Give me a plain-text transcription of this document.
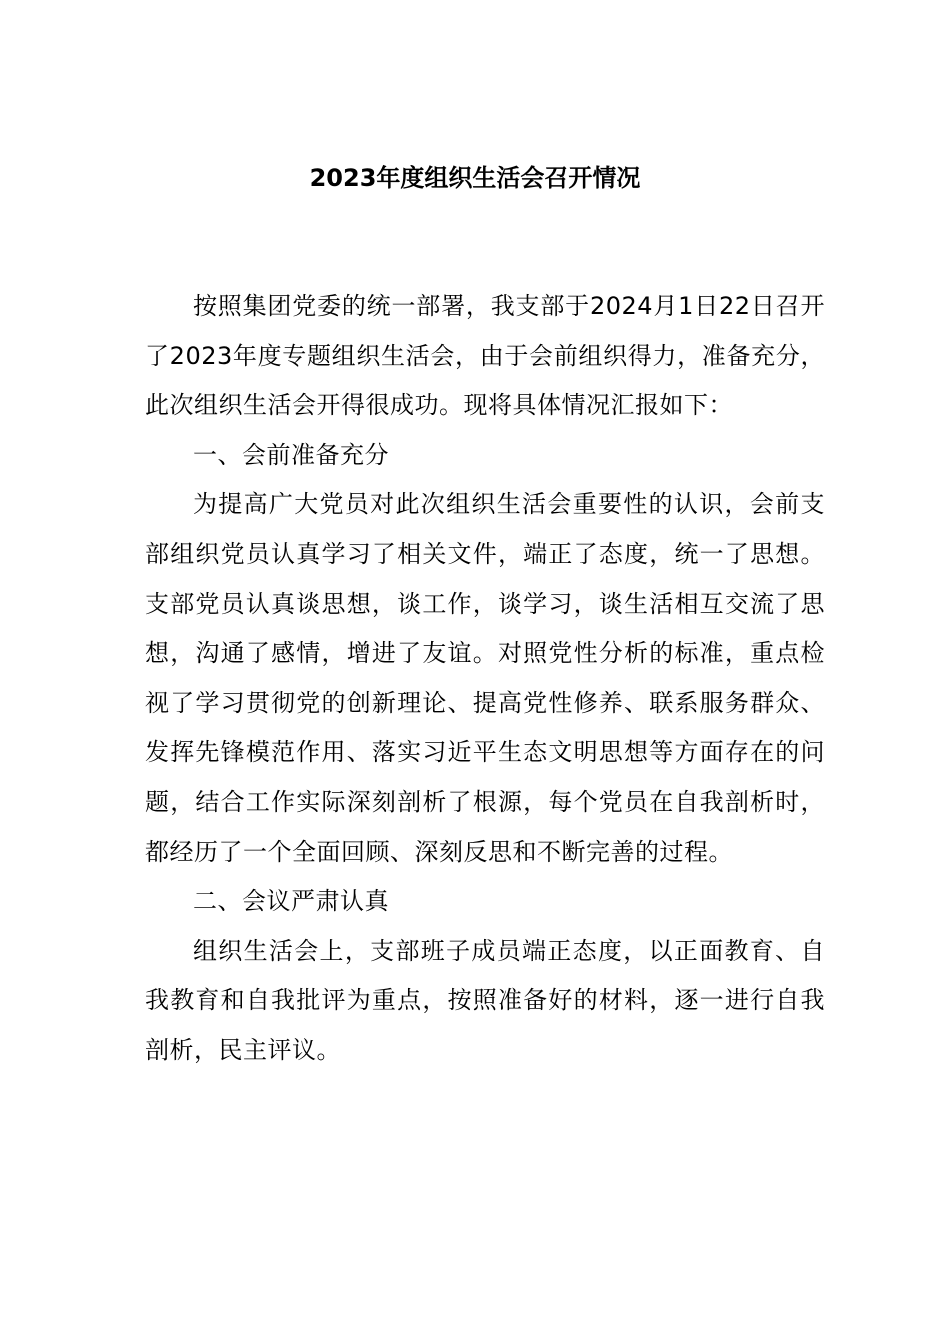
2023年度组织生活会召开情况

按照集团党委的统一部署，我支部于2024月1日22日召开了2023年度专题组织生活会，由于会前组织得力，准备充分，此次组织生活会开得很成功。现将具体情况汇报如下：

一、会前准备充分

为提高广大党员对此次组织生活会重要性的认识，会前支部组织党员认真学习了相关文件，端正了态度，统一了思想。支部党员认真谈思想，谈工作，谈学习，谈生活相互交流了思想，沟通了感情，增进了友谊。对照党性分析的标准，重点检视了学习贯彻党的创新理论、提高党性修养、联系服务群众、发挥先锋模范作用、落实习近平生态文明思想等方面存在的问题，结合工作实际深刻剖析了根源，每个党员在自我剖析时，都经历了一个全面回顾、深刻反思和不断完善的过程。

二、会议严肃认真

组织生活会上，支部班子成员端正态度，以正面教育、自我教育和自我批评为重点，按照准备好的材料，逐一进行自我剖析，民主评议。
